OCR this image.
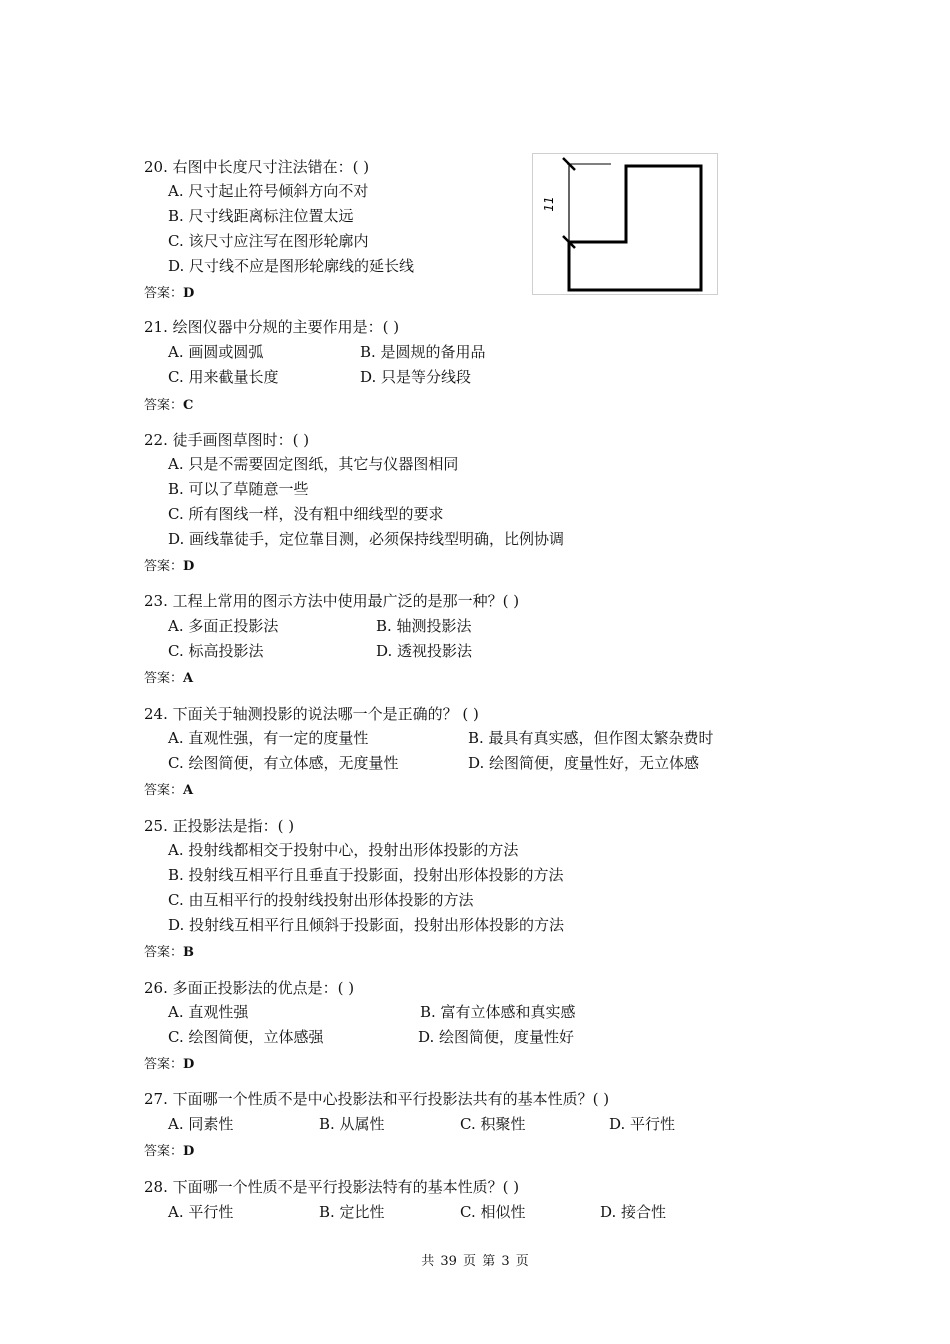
20. 右图中长度尺寸注法错在：( )
A. 尺寸起止符号倾斜方向不对
B. 尺寸线距离标注位置太远
C. 该尺寸应注写在图形轮廓内
D. 尺寸线不应是图形轮廓线的延长线
答案：D
11
21. 绘图仪器中分规的主要作用是：( )
A. 画圆或圆弧	B. 是圆规的备用品
C. 用来截量长度	D. 只是等分线段
答案：C
22. 徒手画图草图时：( )
A. 只是不需要固定图纸，其它与仪器图相同
B. 可以了草随意一些
C. 所有图线一样，没有粗中细线型的要求
D. 画线靠徒手，定位靠目测，必须保持线型明确，比例协调
答案：D
23. 工程上常用的图示方法中使用最广泛的是那一种？( )
A. 多面正投影法	B. 轴测投影法
C. 标高投影法	D. 透视投影法
答案：A
24. 下面关于轴测投影的说法哪一个是正确的？ ( )
A. 直观性强，有一定的度量性	B. 最具有真实感，但作图太繁杂费时
C. 绘图简便，有立体感，无度量性	D. 绘图简便，度量性好，无立体感
答案：A
25. 正投影法是指：( )
A. 投射线都相交于投射中心，投射出形体投影的方法
B. 投射线互相平行且垂直于投影面，投射出形体投影的方法
C. 由互相平行的投射线投射出形体投影的方法
D. 投射线互相平行且倾斜于投影面，投射出形体投影的方法
答案：B
26. 多面正投影法的优点是：( )
A. 直观性强	B. 富有立体感和真实感
C. 绘图简便，立体感强	D. 绘图简便，度量性好
答案：D
27. 下面哪一个性质不是中心投影法和平行投影法共有的基本性质？( )
A. 同素性	B. 从属性	C. 积聚性	D. 平行性
答案：D
28. 下面哪一个性质不是平行投影法特有的基本性质？( )
A. 平行性	B. 定比性	C. 相似性	D. 接合性
共 39 页 第 3 页
